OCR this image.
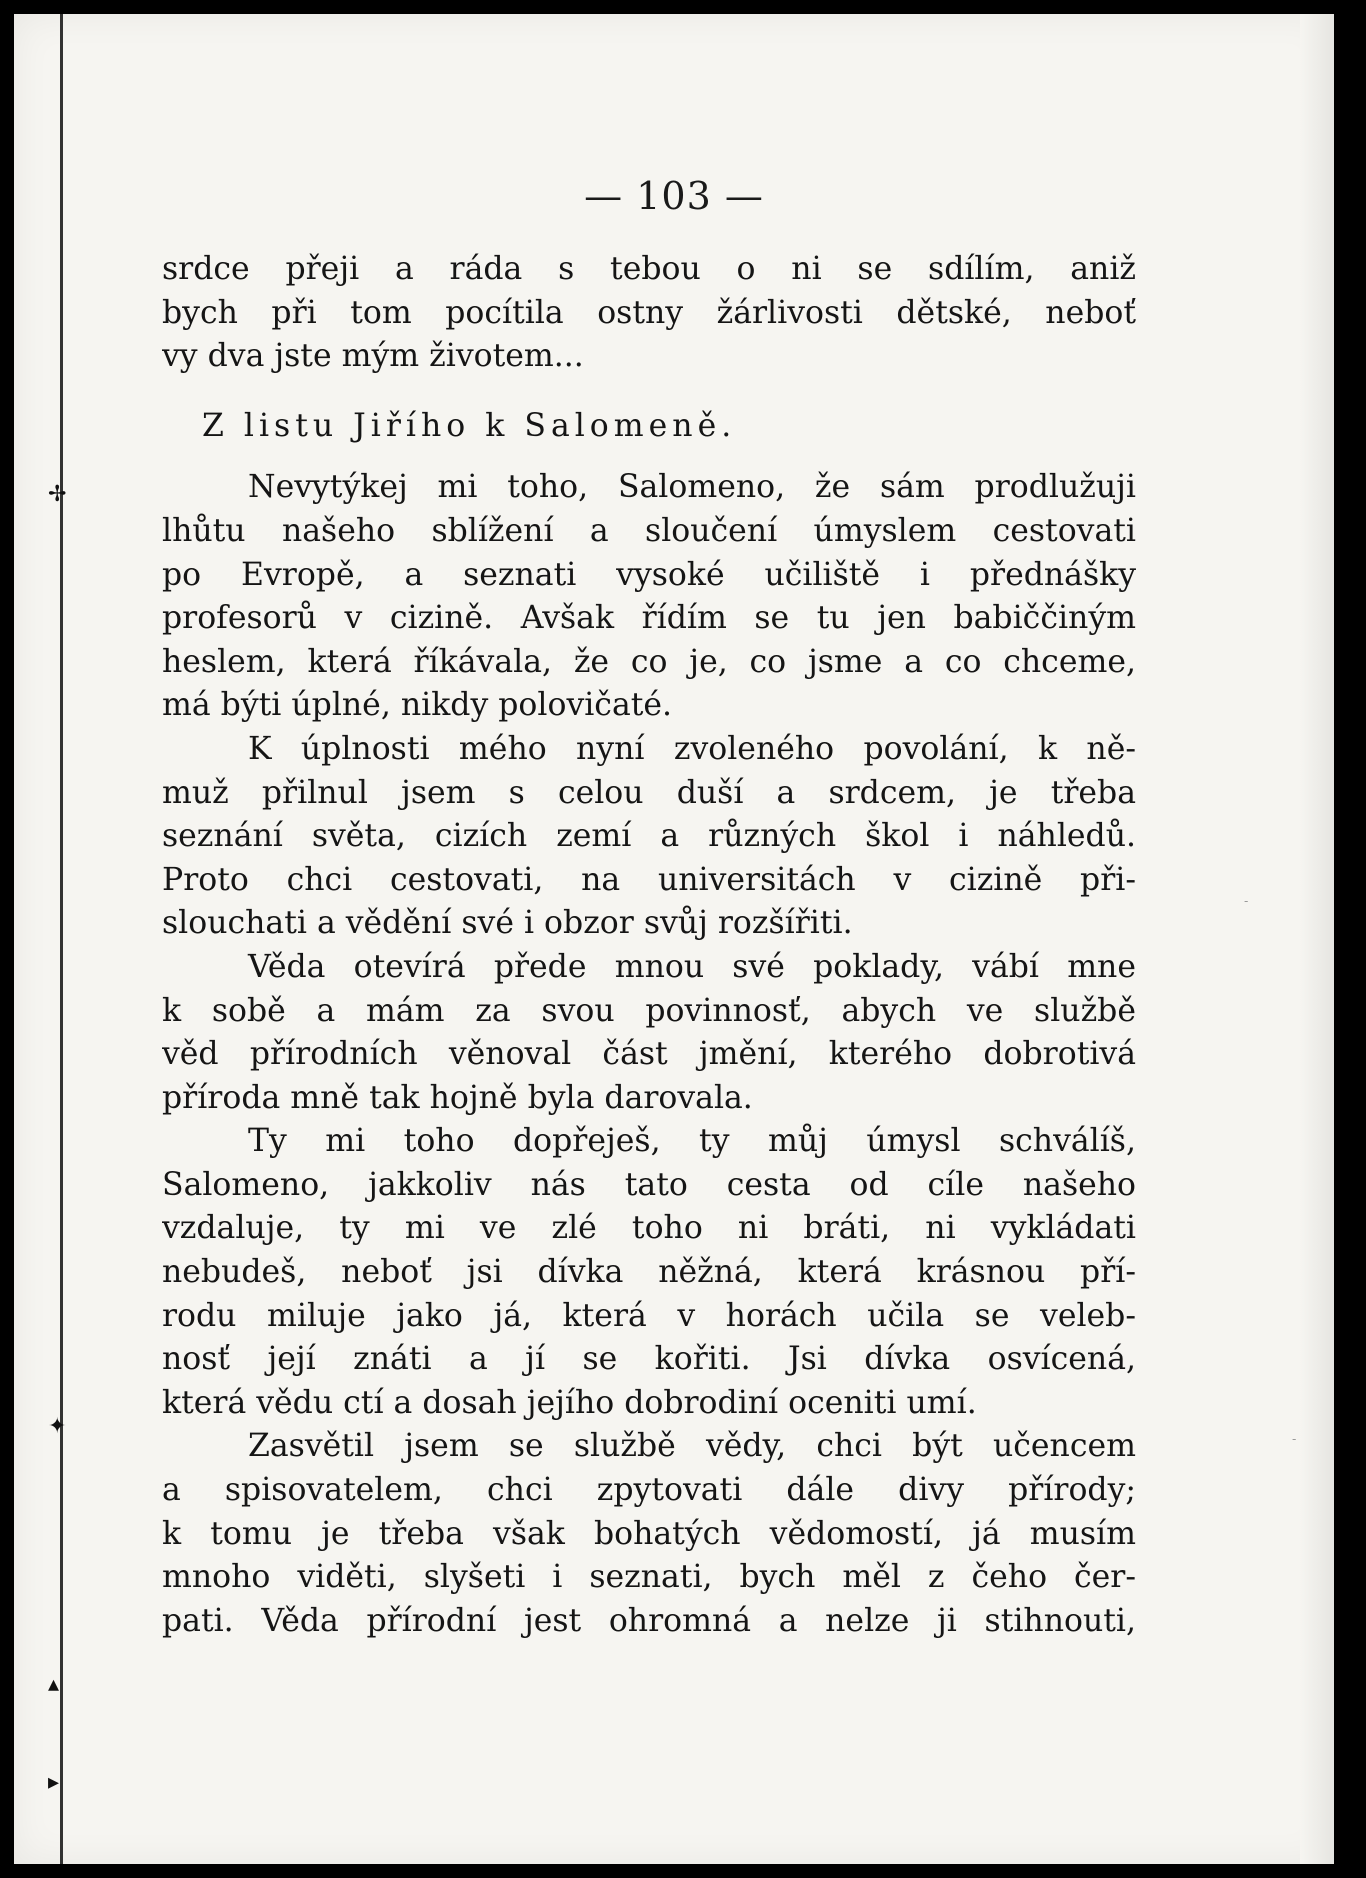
✢
✦
▴
▸
-
-
— 103 —
srdce přeji a ráda s tebou o ni se sdílím, aniž
bych při tom pocítila ostny žárlivosti dětské, neboť
vy dva jste mým životem...
Z listu Jiřího k Salomeně.
Nevytýkej mi toho, Salomeno, že sám prodlužuji
lhůtu našeho sblížení a sloučení úmyslem cestovati
po Evropě, a seznati vysoké učiliště i přednášky
profesorů v cizině. Avšak řídím se tu jen babiččiným
heslem, která říkávala, že co je, co jsme a co chceme,
má býti úplné, nikdy polovičaté.
K úplnosti mého nyní zvoleného povolání, k ně-
muž přilnul jsem s celou duší a srdcem, je třeba
seznání světa, cizích zemí a různých škol i náhledů.
Proto chci cestovati, na universitách v cizině při-
slouchati a vědění své i obzor svůj rozšířiti.
Věda otevírá přede mnou své poklady, vábí mne
k sobě a mám za svou povinnosť, abych ve službě
věd přírodních věnoval část jmění, kterého dobrotivá
příroda mně tak hojně byla darovala.
Ty mi toho dopřeješ, ty můj úmysl schválíš,
Salomeno, jakkoliv nás tato cesta od cíle našeho
vzdaluje, ty mi ve zlé toho ni bráti, ni vykládati
nebudeš, neboť jsi dívka něžná, která krásnou pří-
rodu miluje jako já, která v horách učila se veleb-
nosť její znáti a jí se kořiti. Jsi dívka osvícená,
která vědu ctí a dosah jejího dobrodiní oceniti umí.
Zasvětil jsem se službě vědy, chci být učencem
a spisovatelem, chci zpytovati dále divy přírody;
k tomu je třeba však bohatých vědomostí, já musím
mnoho viděti, slyšeti i seznati, bych měl z čeho čer-
pati. Věda přírodní jest ohromná a nelze ji stihnouti,
